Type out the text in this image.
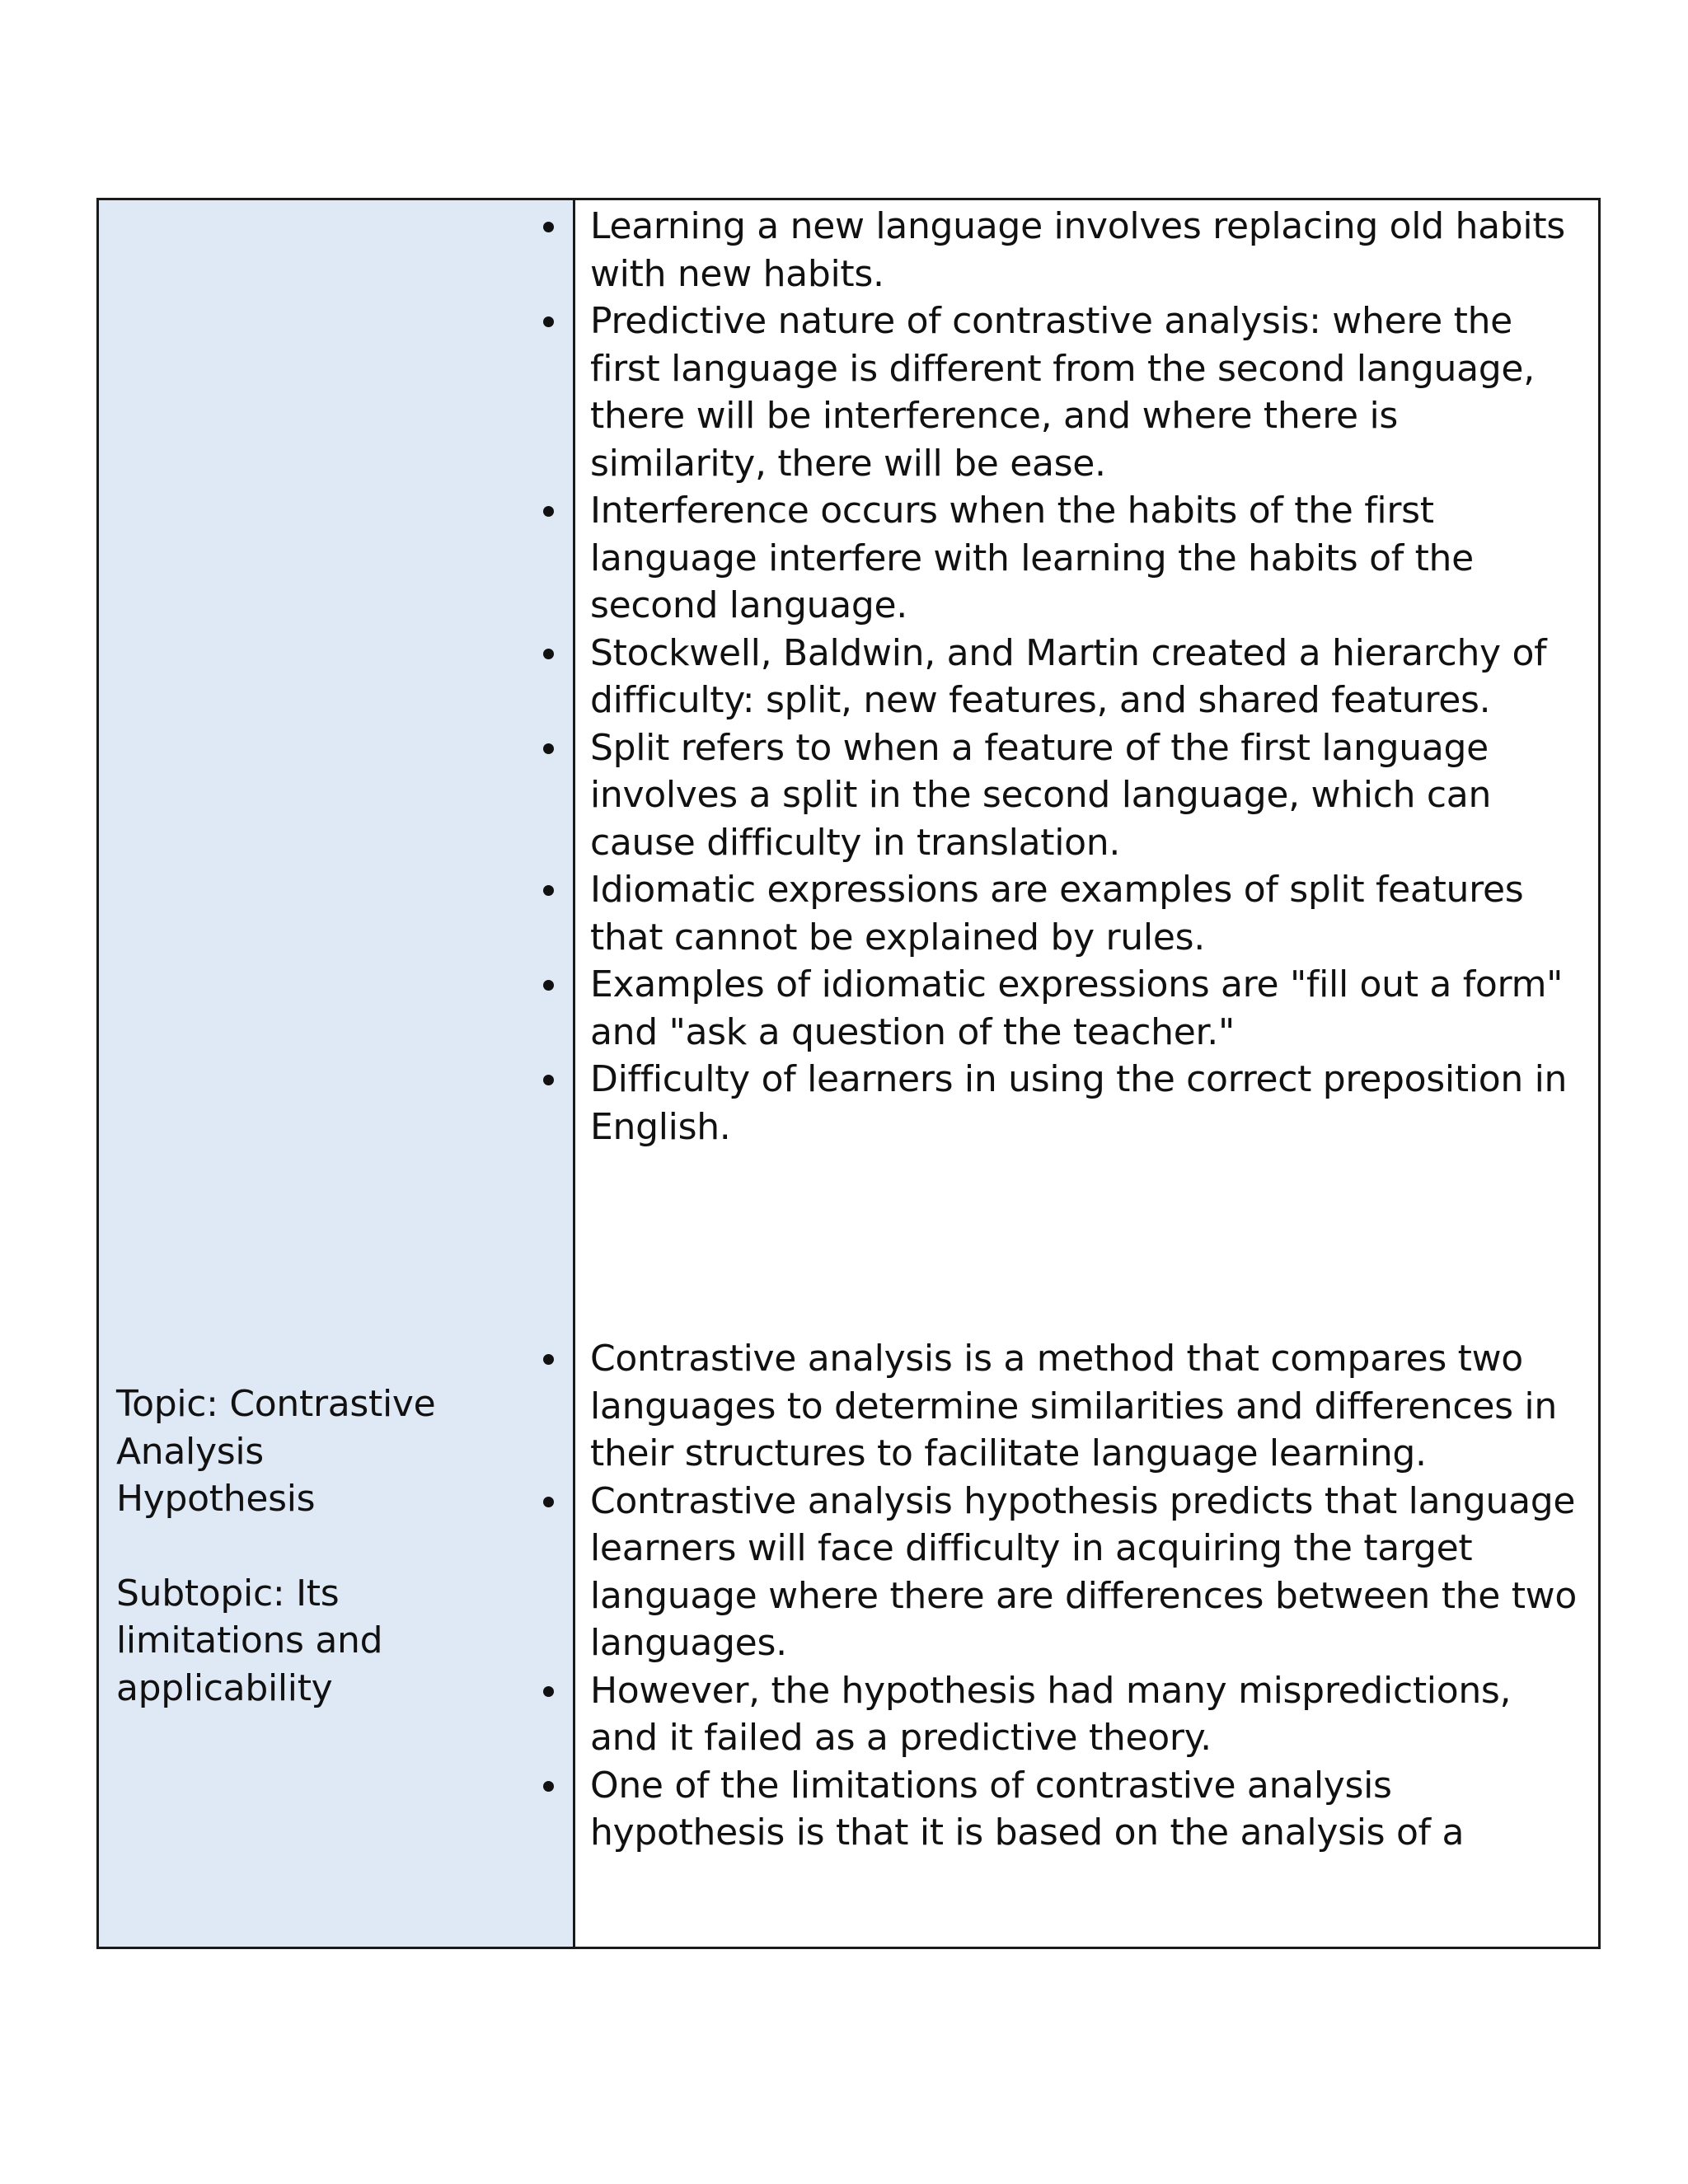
Topic: Contrastive Analysis Hypothesis
Subtopic: Its limitations and applicability
Learning a new language involves replacing old habits with new habits.
Predictive nature of contrastive analysis: where the first language is different from the second language, there will be interference, and where there is similarity, there will be ease.
Interference occurs when the habits of the first language interfere with learning the habits of the second language.
Stockwell, Baldwin, and Martin created a hierarchy of difficulty: split, new features, and shared features.
Split refers to when a feature of the first language involves a split in the second language, which can cause difficulty in translation.
Idiomatic expressions are examples of split features that cannot be explained by rules.
Examples of idiomatic expressions are "fill out a form" and "ask a question of the teacher."
Difficulty of learners in using the correct preposition in English.
Contrastive analysis is a method that compares two languages to determine similarities and differences in their structures to facilitate language learning.
Contrastive analysis hypothesis predicts that language learners will face difficulty in acquiring the target language where there are differences between the two languages.
However, the hypothesis had many mispredictions, and it failed as a predictive theory.
One of the limitations of contrastive analysis hypothesis is that it is based on the analysis of a
